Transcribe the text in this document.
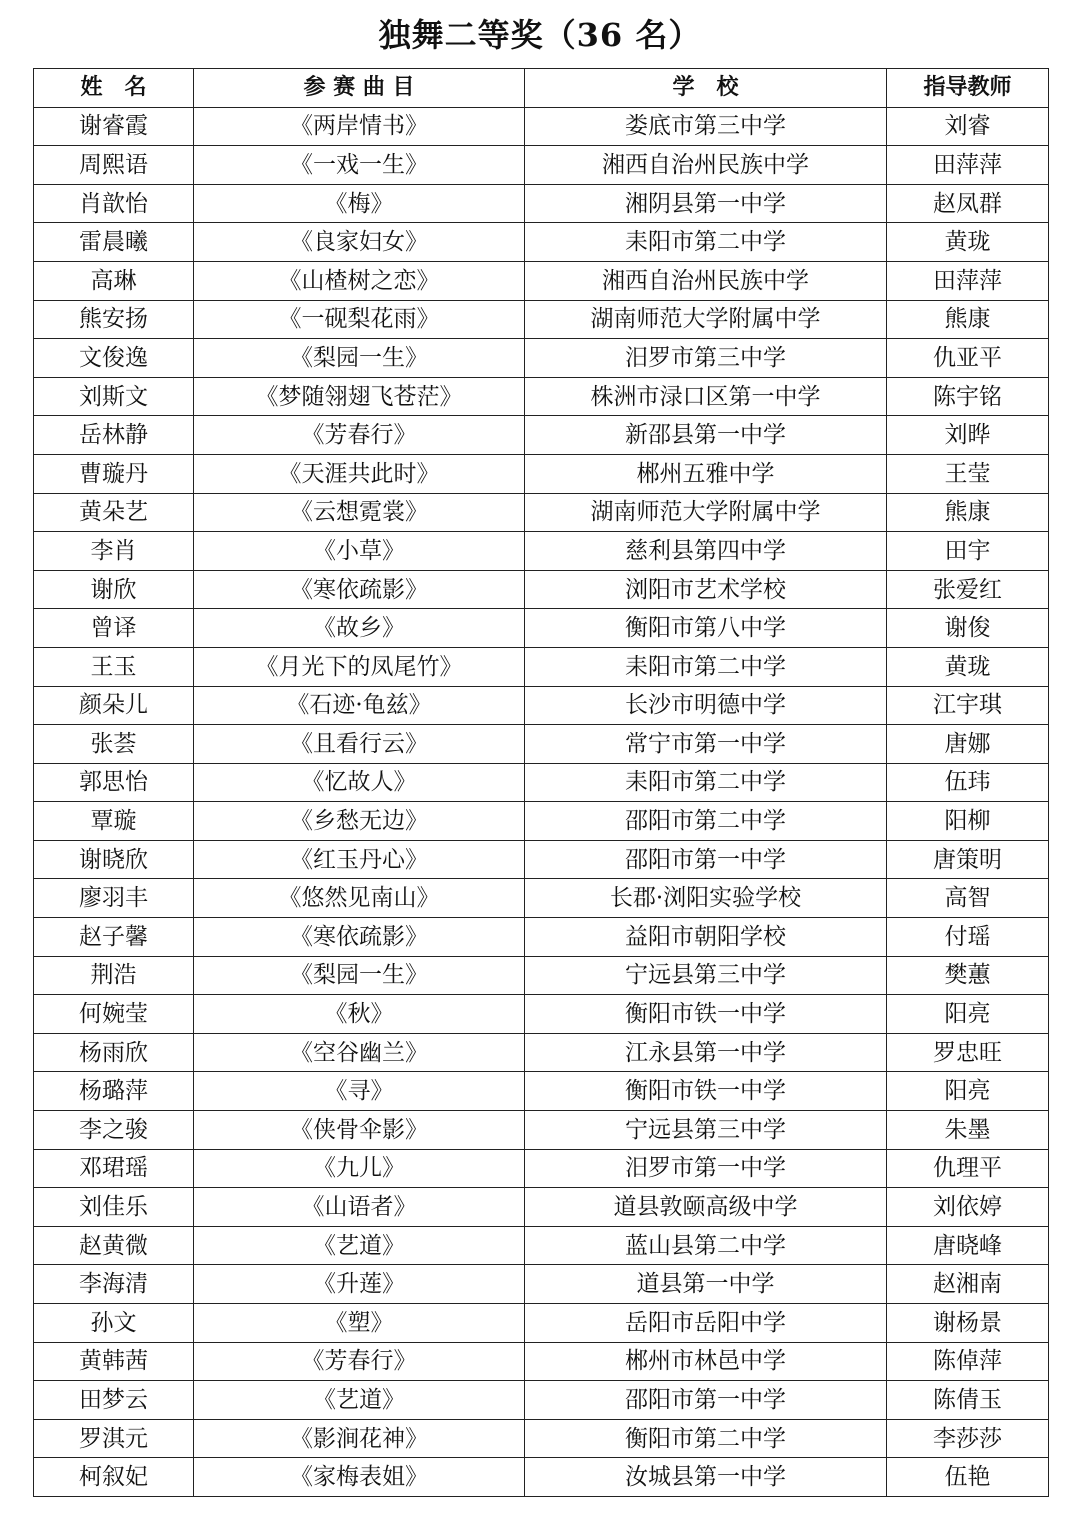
独舞二等奖（36 名）
姓　名	参 赛 曲 目	学　校	指导教师
谢睿霞	《两岸情书》	娄底市第三中学	刘睿
周熙语	《一戏一生》	湘西自治州民族中学	田萍萍
肖歆怡	《梅》	湘阴县第一中学	赵凤群
雷晨曦	《良家妇女》	耒阳市第二中学	黄珑
高琳	《山楂树之恋》	湘西自治州民族中学	田萍萍
熊安扬	《一砚梨花雨》	湖南师范大学附属中学	熊康
文俊逸	《梨园一生》	汨罗市第三中学	仇亚平
刘斯文	《梦随翎翅飞苍茫》	株洲市渌口区第一中学	陈宇铭
岳林静	《芳春行》	新邵县第一中学	刘晔
曹璇丹	《天涯共此时》	郴州五雅中学	王莹
黄朵艺	《云想霓裳》	湖南师范大学附属中学	熊康
李肖	《小草》	慈利县第四中学	田宇
谢欣	《寒依疏影》	浏阳市艺术学校	张爱红
曾译	《故乡》	衡阳市第八中学	谢俊
王玉	《月光下的凤尾竹》	耒阳市第二中学	黄珑
颜朵儿	《石迹·龟兹》	长沙市明德中学	江宇琪
张荟	《且看行云》	常宁市第一中学	唐娜
郭思怡	《忆故人》	耒阳市第二中学	伍玮
覃璇	《乡愁无边》	邵阳市第二中学	阳柳
谢晓欣	《红玉丹心》	邵阳市第一中学	唐策明
廖羽丰	《悠然见南山》	长郡·浏阳实验学校	高智
赵子馨	《寒依疏影》	益阳市朝阳学校	付瑶
荆浩	《梨园一生》	宁远县第三中学	樊蕙
何婉莹	《秋》	衡阳市铁一中学	阳亮
杨雨欣	《空谷幽兰》	江永县第一中学	罗忠旺
杨璐萍	《寻》	衡阳市铁一中学	阳亮
李之骏	《侠骨伞影》	宁远县第三中学	朱墨
邓珺瑶	《九儿》	汨罗市第一中学	仇理平
刘佳乐	《山语者》	道县敦颐高级中学	刘依婷
赵黄微	《艺道》	蓝山县第二中学	唐晓峰
李海清	《升莲》	道县第一中学	赵湘南
孙文	《塑》	岳阳市岳阳中学	谢杨景
黄韩茜	《芳春行》	郴州市林邑中学	陈倬萍
田梦云	《艺道》	邵阳市第一中学	陈倩玉
罗淇元	《影涧花神》	衡阳市第二中学	李莎莎
柯叙妃	《家梅表姐》	汝城县第一中学	伍艳
